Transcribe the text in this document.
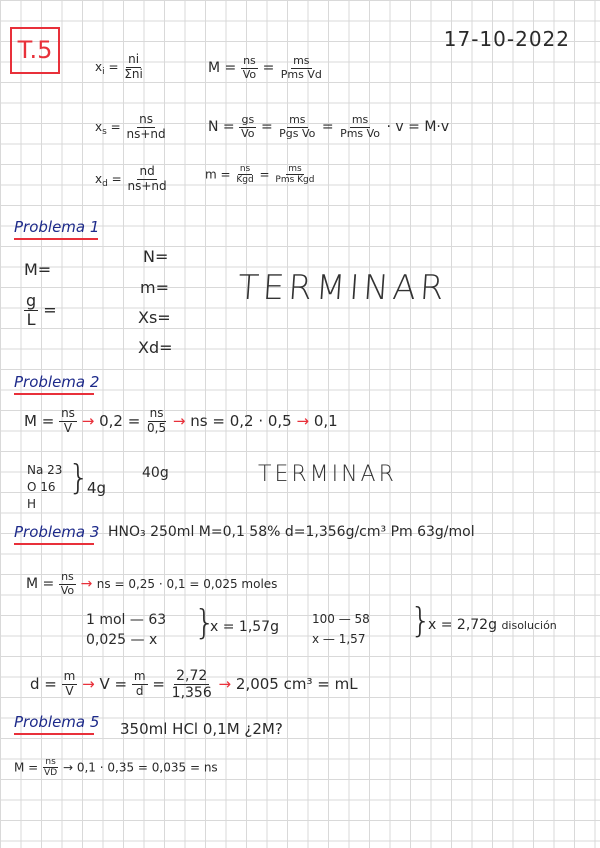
T.5	17-10-2022
$x_i = \frac{ni}{\text{Σni}}$
$x_s = \frac{ns}{ns+nd}$
$x_d = \frac{nd}{ns+nd}$
$M = \frac{ns}{Vo} = \frac{ms}{\text{Pms Vd}}$
$N = \frac{gs}{Vo} = \frac{ms}{\text{Pgs Vo}} = \frac{ms}{\text{Pms Vo}} \cdot v = M\cdot v$
$m = \frac{ns}{\text{Kgd}} = \frac{ms}{\text{Pms Kgd}}$
Problema 1
M=
$\frac{g}{L}$ =
N=
m=
Xs=
Xd=
TERMINAR
Problema 2
$M = \frac{ns}{V} \to 0,2 = \frac{ns}{0,5}$ → ns = 0,2 · 0,5 → 0,1
Na 23
O 16
H
}
4g
40g	TERMINAR
Problema 3 HNO₃ 250ml M=0,1 58% d=1,356g/cm³ Pm 63g/mol
$M = \frac{ns}{Vo}$ → ns = 0,25 · 0,1 = 0,025 moles
1 mol — 63
0,025 — x }
x = 1,57g	100 — 58
x — 1,57 }
x = 2,72g disolución
$d = \frac{m}{V} \to V = \frac{m}{d} = \frac{2,72}{1,356} \to 2,005$ cm³ = mL
Problema 5 350ml HCl 0,1M ¿2M?
$M = \frac{ns}{VD} \to 0,1 \cdot 0,35 = 0,035$ = ns
